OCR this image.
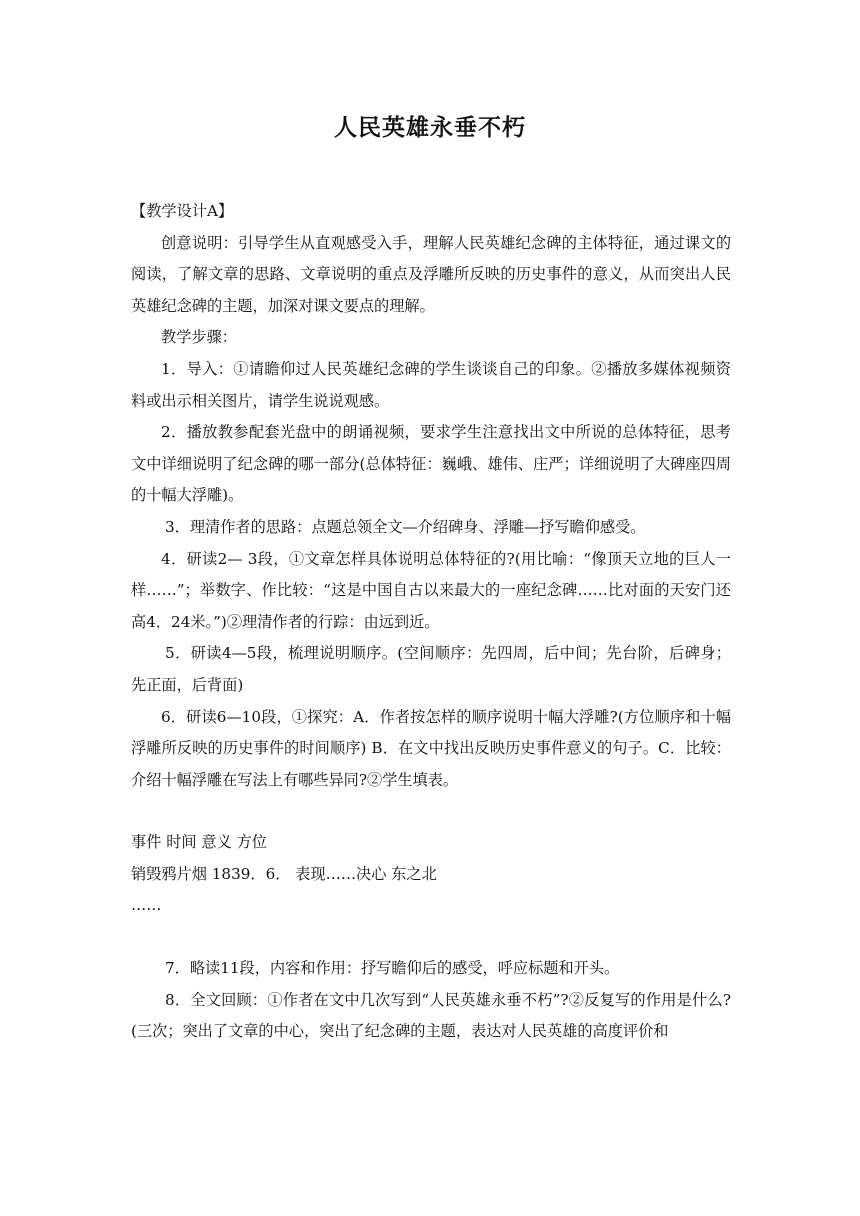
人民英雄永垂不朽

【教学设计A】

创意说明：引导学生从直观感受入手，理解人民英雄纪念碑的主体特征，通过课文的阅读，了解文章的思路、文章说明的重点及浮雕所反映的历史事件的意义，从而突出人民英雄纪念碑的主题，加深对课文要点的理解。

教学步骤：

1．导入：①请瞻仰过人民英雄纪念碑的学生谈谈自己的印象。②播放多媒体视频资料或出示相关图片，请学生说说观感。

2．播放教参配套光盘中的朗诵视频，要求学生注意找出文中所说的总体特征，思考文中详细说明了纪念碑的哪一部分(总体特征：巍峨、雄伟、庄严；详细说明了大碑座四周的十幅大浮雕)。

3．理清作者的思路：点题总领全文—介绍碑身、浮雕—抒写瞻仰感受。

4．研读2— 3段，①文章怎样具体说明总体特征的?(用比喻：“像顶天立地的巨人一样……”；举数字、作比较：“这是中国自古以来最大的一座纪念碑……比对面的天安门还高4．24米。”)②理清作者的行踪：由远到近。

5．研读4—5段，梳理说明顺序。(空间顺序：先四周，后中间；先台阶，后碑身；先正面，后背面)

6．研读6—10段，①探究：A．作者按怎样的顺序说明十幅大浮雕?(方位顺序和十幅浮雕所反映的历史事件的时间顺序) B．在文中找出反映历史事件意义的句子。C．比较：介绍十幅浮雕在写法上有哪些异同?②学生填表。

事件 时间 意义 方位

销毁鸦片烟 1839．6． 表现……决心 东之北

……

7．略读11段，内容和作用：抒写瞻仰后的感受，呼应标题和开头。

8．全文回顾：①作者在文中几次写到“人民英雄永垂不朽”?②反复写的作用是什么?(三次；突出了文章的中心，突出了纪念碑的主题，表达对人民英雄的高度评价和
